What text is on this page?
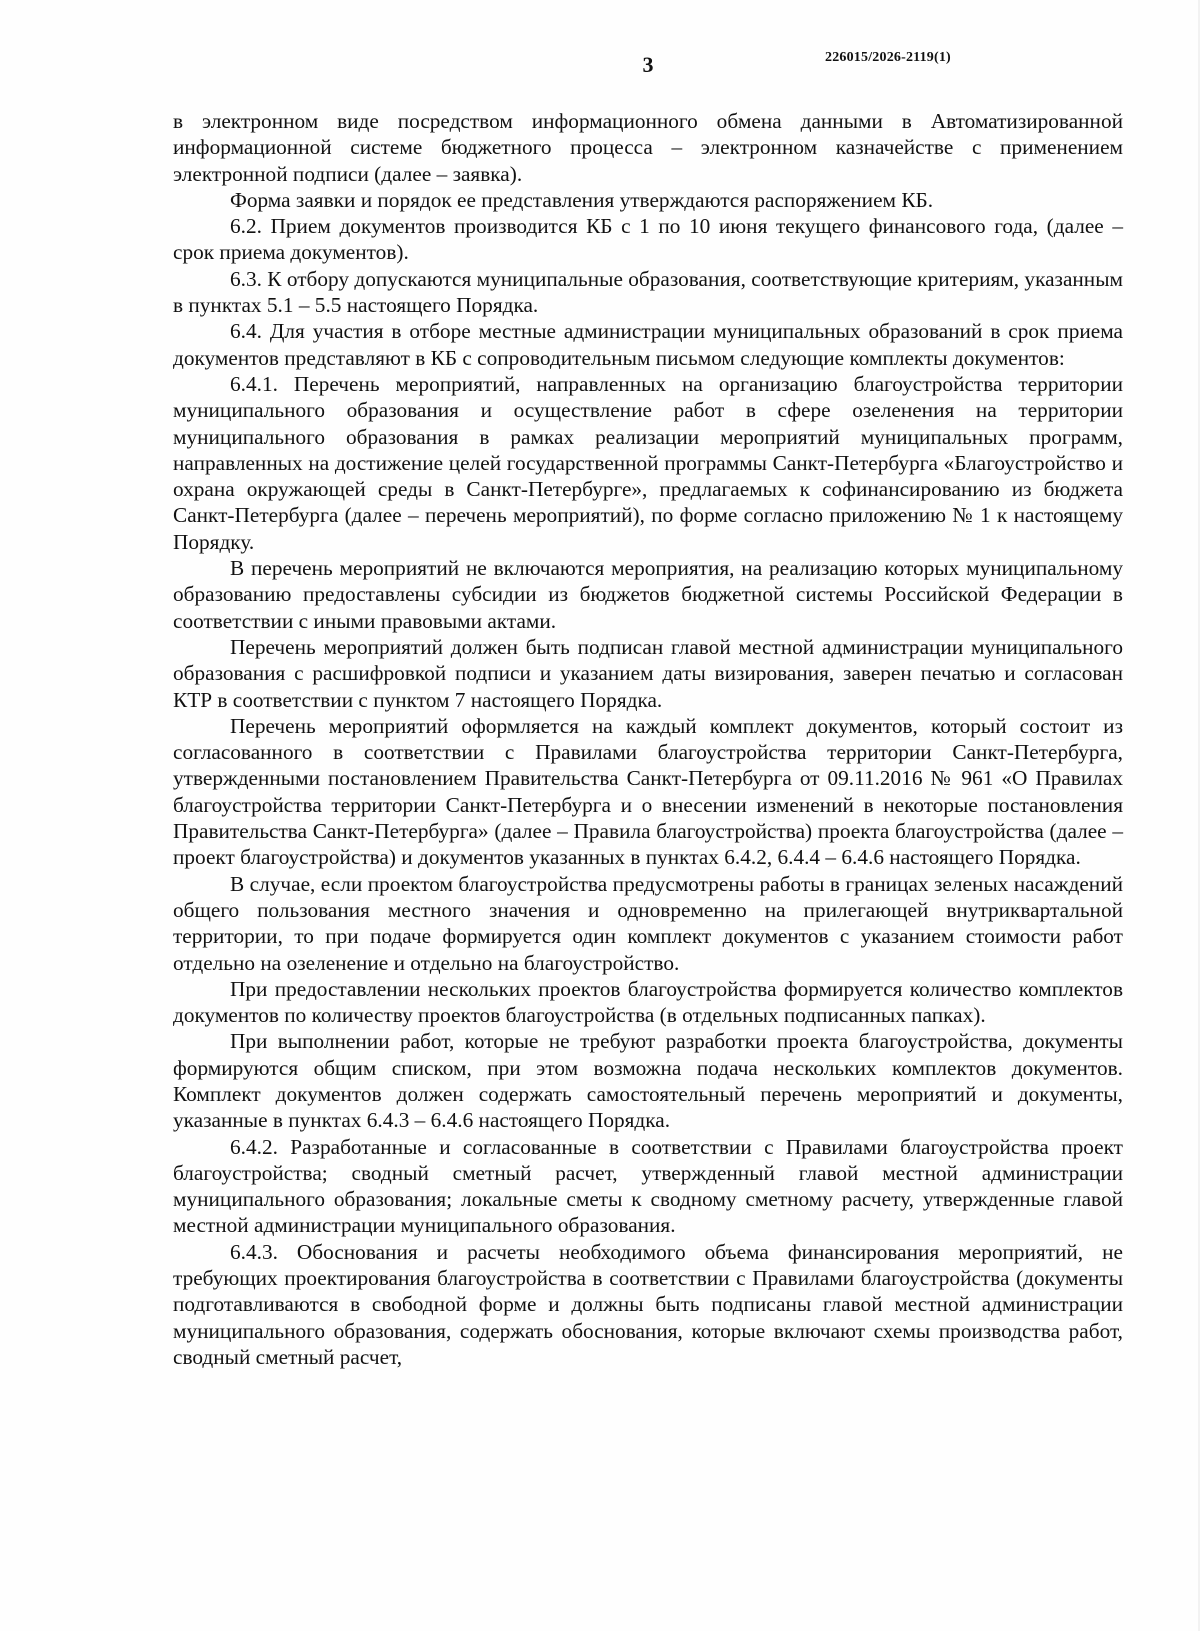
3	226015/2026-2119(1)

в электронном виде посредством информационного обмена данными в Автоматизированной информационной системе бюджетного процесса – электронном казначействе с применением электронной подписи (далее – заявка).

Форма заявки и порядок ее представления утверждаются распоряжением КБ.

6.2. Прием документов производится КБ с 1 по 10 июня текущего финансового года, (далее – срок приема документов).

6.3. К отбору допускаются муниципальные образования, соответствующие критериям, указанным в пунктах 5.1 – 5.5 настоящего Порядка.

6.4. Для участия в отборе местные администрации муниципальных образований в срок приема документов представляют в КБ с сопроводительным письмом следующие комплекты документов:

6.4.1. Перечень мероприятий, направленных на организацию благоустройства территории муниципального образования и осуществление работ в сфере озеленения на территории муниципального образования в рамках реализации мероприятий муниципальных программ, направленных на достижение целей государственной программы Санкт-Петербурга «Благоустройство и охрана окружающей среды в Санкт-Петербурге», предлагаемых к софинансированию из бюджета Санкт-Петербурга (далее – перечень мероприятий), по форме согласно приложению № 1 к настоящему Порядку.

В перечень мероприятий не включаются мероприятия, на реализацию которых муниципальному образованию предоставлены субсидии из бюджетов бюджетной системы Российской Федерации в соответствии с иными правовыми актами.

Перечень мероприятий должен быть подписан главой местной администрации муниципального образования с расшифровкой подписи и указанием даты визирования, заверен печатью и согласован КТР в соответствии с пунктом 7 настоящего Порядка.

Перечень мероприятий оформляется на каждый комплект документов, который состоит из согласованного в соответствии с Правилами благоустройства территории Санкт-Петербурга, утвержденными постановлением Правительства Санкт-Петербурга от 09.11.2016 № 961 «О Правилах благоустройства территории Санкт-Петербурга и о внесении изменений в некоторые постановления Правительства Санкт-Петербурга» (далее – Правила благоустройства) проекта благоустройства (далее – проект благоустройства) и документов указанных в пунктах 6.4.2, 6.4.4 – 6.4.6 настоящего Порядка.

В случае, если проектом благоустройства предусмотрены работы в границах зеленых насаждений общего пользования местного значения и одновременно на прилегающей внутриквартальной территории, то при подаче формируется один комплект документов с указанием стоимости работ отдельно на озеленение и отдельно на благоустройство.

При предоставлении нескольких проектов благоустройства формируется количество комплектов документов по количеству проектов благоустройства (в отдельных подписанных папках).

При выполнении работ, которые не требуют разработки проекта благоустройства, документы формируются общим списком, при этом возможна подача нескольких комплектов документов. Комплект документов должен содержать самостоятельный перечень мероприятий и документы, указанные в пунктах 6.4.3 – 6.4.6 настоящего Порядка.

6.4.2. Разработанные и согласованные в соответствии с Правилами благоустройства проект благоустройства; сводный сметный расчет, утвержденный главой местной администрации муниципального образования; локальные сметы к сводному сметному расчету, утвержденные главой местной администрации муниципального образования.

6.4.3. Обоснования и расчеты необходимого объема финансирования мероприятий, не требующих проектирования благоустройства в соответствии с Правилами благоустройства (документы подготавливаются в свободной форме и должны быть подписаны главой местной администрации муниципального образования, содержать обоснования, которые включают схемы производства работ, сводный сметный расчет,
